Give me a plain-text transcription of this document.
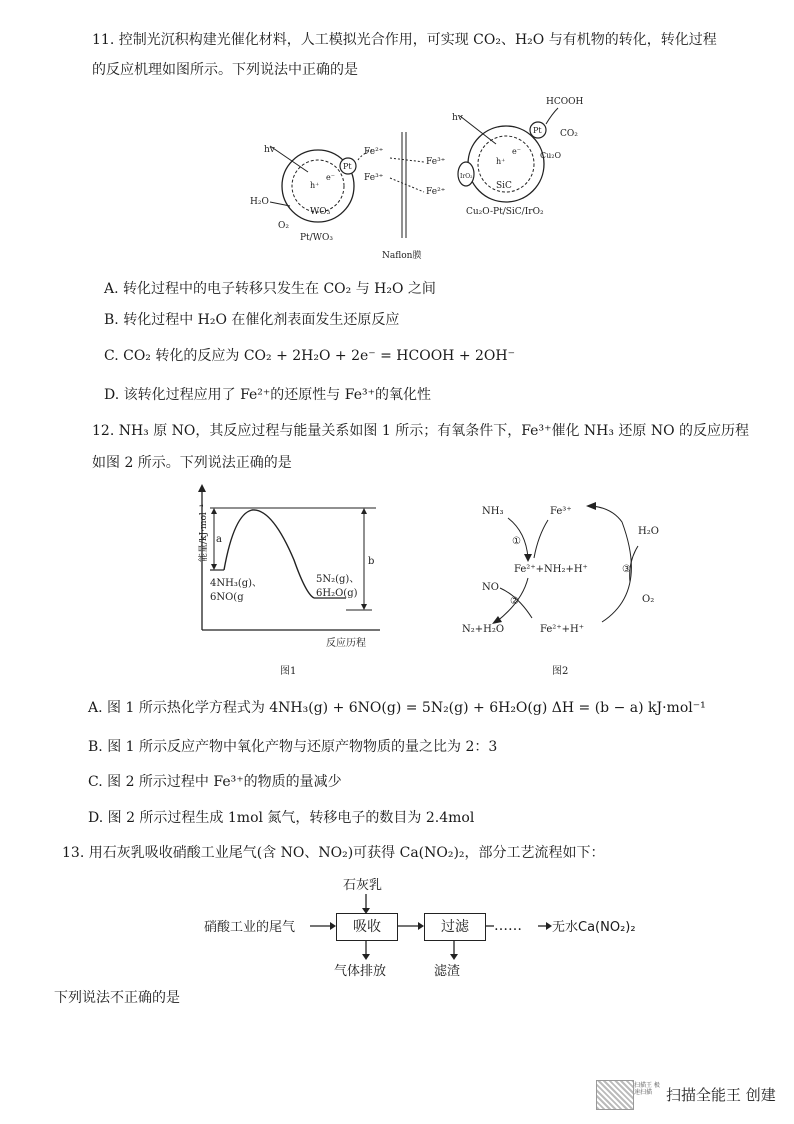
11. 控制光沉积构建光催化材料，人工模拟光合作用，可实现 CO₂、H₂O 与有机物的转化，转化过程
的反应机理如图所示。下列说法中正确的是
Pt
hv
h⁺
e⁻
WO₃
Pt/WO₃
H₂O
O₂
Fe²⁺
Fe³⁺
Naflon膜
Fe³⁺
Fe²⁺
IrO₂
Pt
hv
h⁺
e⁻
SiC
Cu₂O
HCOOH
CO₂
Cu₂O-Pt/SiC/IrO₂
A. 转化过程中的电子转移只发生在 CO₂ 与 H₂O 之间
B. 转化过程中 H₂O 在催化剂表面发生还原反应
C. CO₂ 转化的反应为 CO₂ + 2H₂O + 2e⁻ = HCOOH + 2OH⁻
D. 该转化过程应用了 Fe²⁺的还原性与 Fe³⁺的氧化性
12. NH₃ 原 NO，其反应过程与能量关系如图 1 所示；有氧条件下，Fe³⁺催化 NH₃ 还原 NO 的反应历程
如图 2 所示。下列说法正确的是
能量/kJ·mol⁻¹
反应历程
a
b
4NH₃(g)、
6NO(g
5N₂(g)、
6H₂O(g)
图1
NH₃	Fe³⁺
H₂O
Fe²⁺+NH₂+H⁺
NO
N₂+H₂O	Fe²⁺+H⁺
O₂
①
②
③
图2
A. 图 1 所示热化学方程式为 4NH₃(g) + 6NO(g) = 5N₂(g) + 6H₂O(g) ΔH = (b − a) kJ·mol⁻¹
B. 图 1 所示反应产物中氧化产物与还原产物物质的量之比为 2：3
C. 图 2 所示过程中 Fe³⁺的物质的量减少
D. 图 2 所示过程生成 1mol 氮气，转移电子的数目为 2.4mol
13. 用石灰乳吸收硝酸工业尾气(含 NO、NO₂)可获得 Ca(NO₂)₂，部分工艺流程如下：
石灰乳
硝酸工业的尾气	吸收	过滤	…… 无水Ca(NO₂)₂
气体排放	滤渣
下列说法不正确的是
扫描王 极速扫描 扫描全能王 创建
